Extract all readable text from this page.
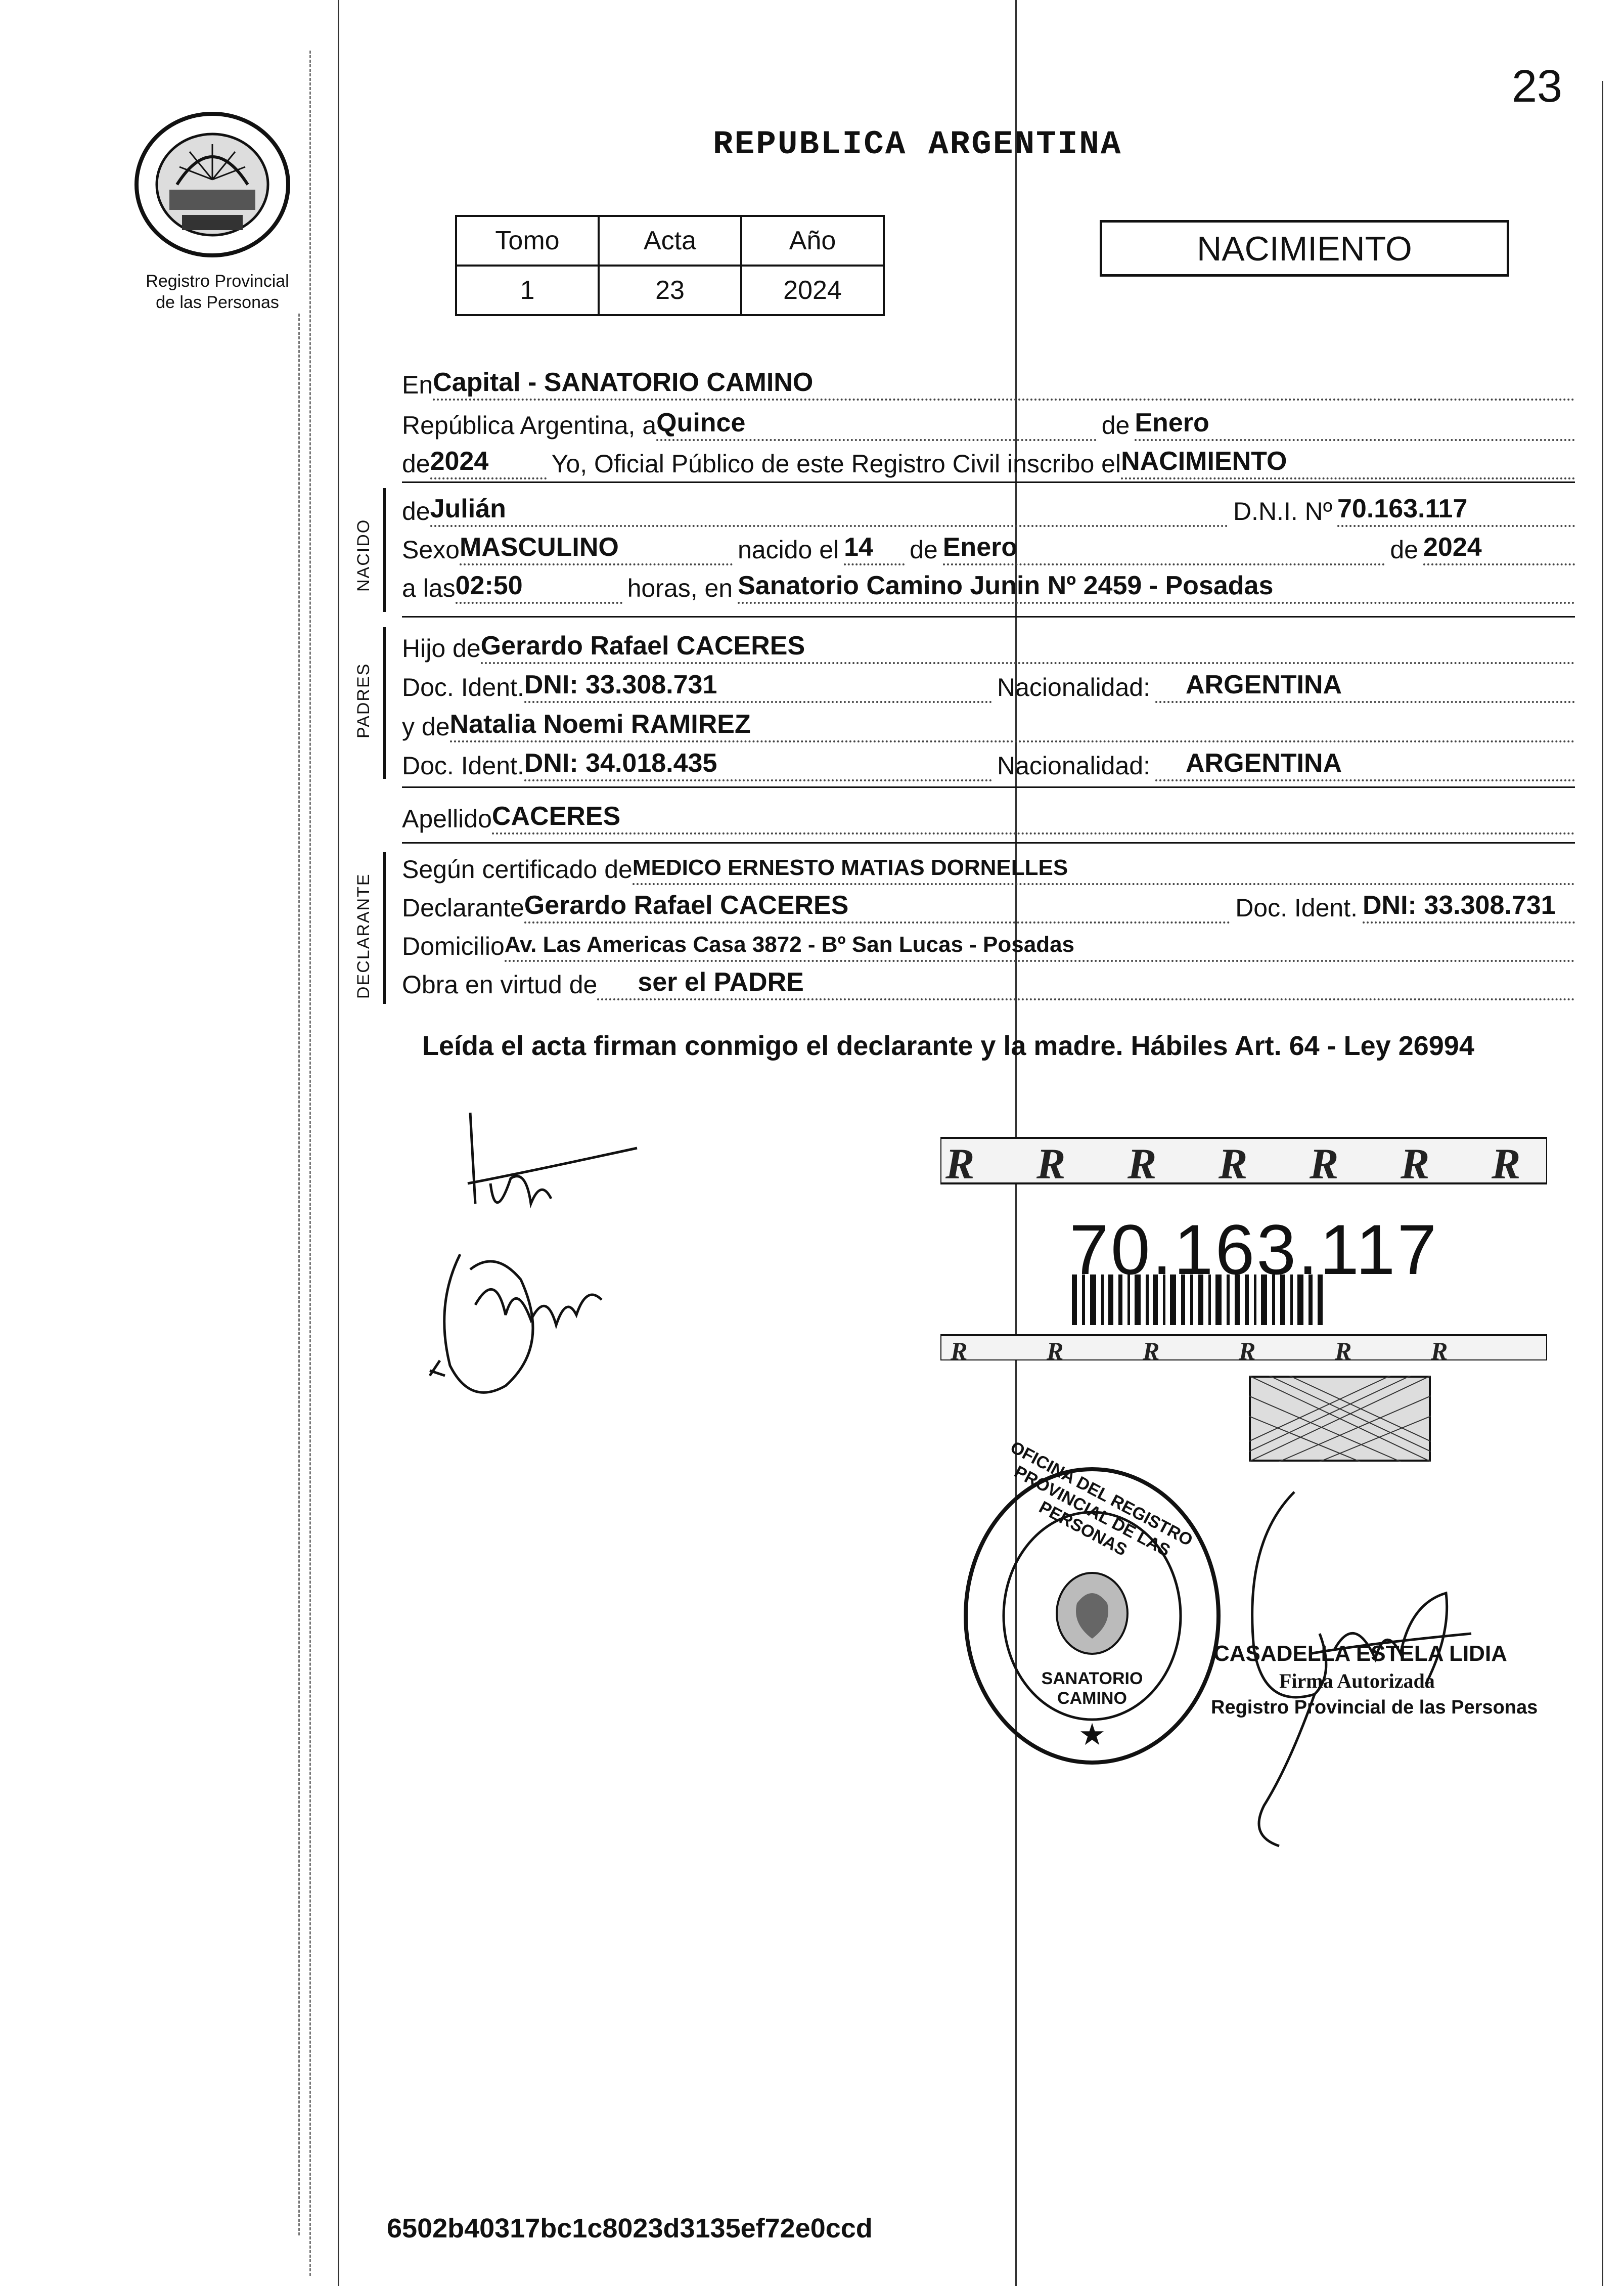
23
Registro Provincial
de las Personas
REPUBLICA ARGENTINA
Tomo	Acta	Año
1	23	2024
NACIMIENTO
En Capital - SANATORIO CAMINO
República Argentina, a Quince	de Enero
de 2024	Yo, Oficial Público de este Registro Civil inscribo el NACIMIENTO
NACIDO
de Julián	D.N.I. Nº 70.163.117
Sexo MASCULINO	nacido el 14	de Enero	de 2024
a las 02:50	horas, en Sanatorio Camino Junin Nº 2459 - Posadas
PADRES
Hijo de Gerardo Rafael CACERES
Doc. Ident. DNI: 33.308.731	Nacionalidad:	ARGENTINA
y de Natalia Noemi RAMIREZ
Doc. Ident. DNI: 34.018.435	Nacionalidad:	ARGENTINA
Apellido CACERES
DECLARANTE
Según certificado de MEDICO ERNESTO MATIAS DORNELLES
Declarante Gerardo Rafael CACERES	Doc. Ident. DNI: 33.308.731
Domicilio Av. Las Americas Casa 3872 - Bº San Lucas - Posadas
Obra en virtud de	ser el PADRE
Leída el acta firman conmigo el declarante y la madre. Hábiles Art. 64 - Ley 26994
R R R R R R R
R	R	R	R	R	R
70.163.117
★
OFICINA DEL REGISTRO PROVINCIAL DE LAS PERSONAS
SANATORIO CAMINO
CASADELLA ESTELA LIDIA
Firma Autorizada
Registro Provincial de las Personas
6502b40317bc1c8023d3135ef72e0ccd
